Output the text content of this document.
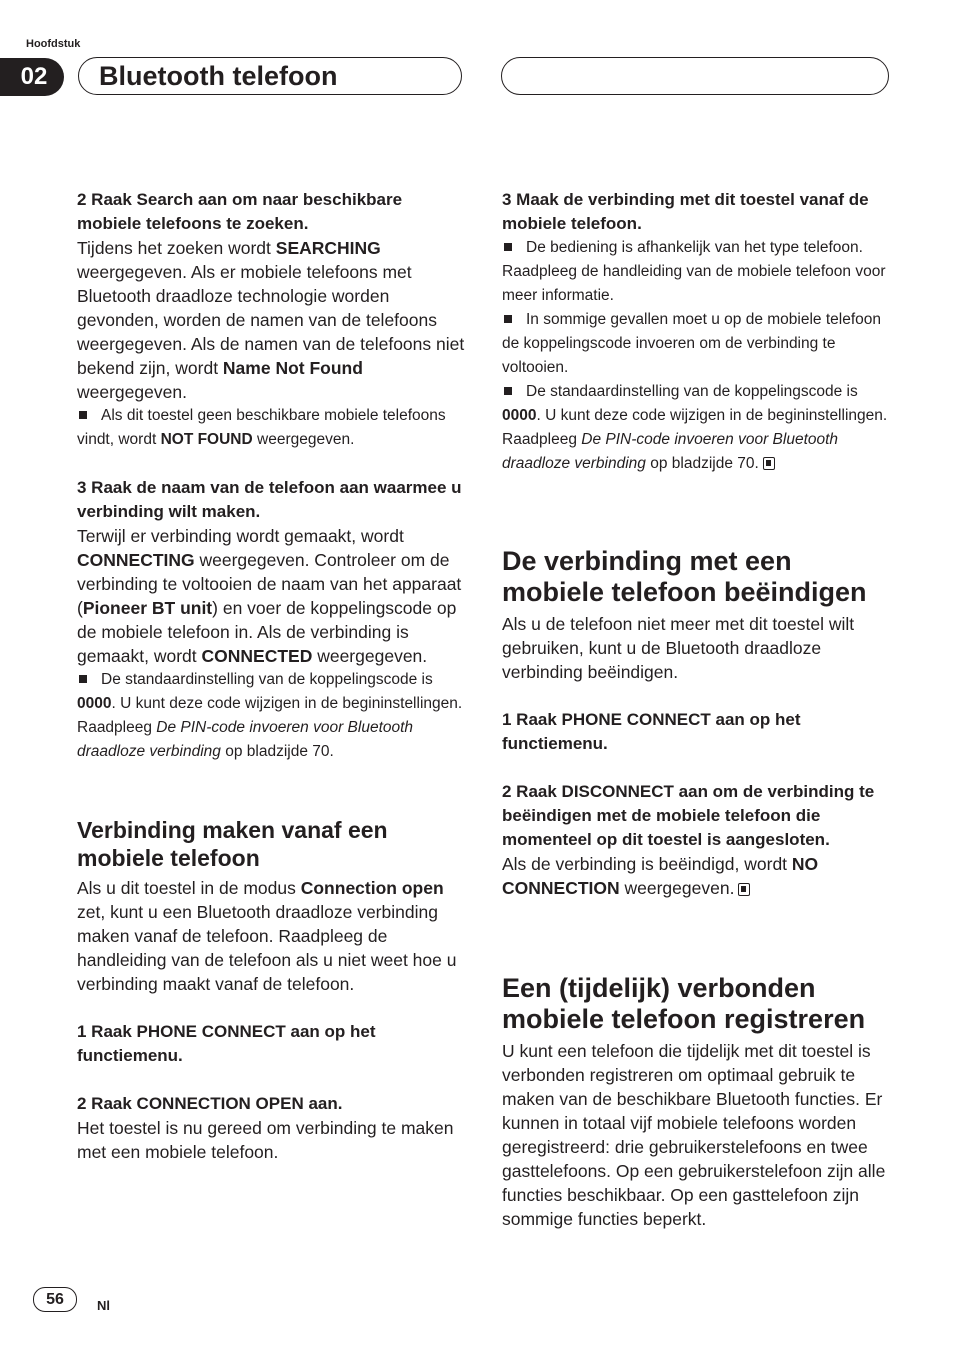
Hoofdstuk
02	Bluetooth telefoon

2 Raak Search aan om naar beschikbare mobiele telefoons te zoeken.

Tijdens het zoeken wordt SEARCHING weergegeven. Als er mobiele telefoons met Bluetooth draadloze technologie worden gevonden, worden de namen van de telefoons weergegeven. Als de namen van de telefoons niet bekend zijn, wordt Name Not Found weergegeven.

Als dit toestel geen beschikbare mobiele telefoons vindt, wordt NOT FOUND weergegeven.

3 Raak de naam van de telefoon aan waarmee u verbinding wilt maken.

Terwijl er verbinding wordt gemaakt, wordt CONNECTING weergegeven. Controleer om de verbinding te voltooien de naam van het apparaat (Pioneer BT unit) en voer de koppelingscode op de mobiele telefoon in. Als de verbinding is gemaakt, wordt CONNECTED weergegeven.

De standaardinstelling van de koppelingscode is 0000. U kunt deze code wijzigen in de begininstellingen. Raadpleeg De PIN-code invoeren voor Bluetooth draadloze verbinding op bladzijde 70.

Verbinding maken vanaf een mobiele telefoon

Als u dit toestel in de modus Connection open zet, kunt u een Bluetooth draadloze verbinding maken vanaf de telefoon. Raadpleeg de handleiding van de telefoon als u niet weet hoe u verbinding maakt vanaf de telefoon.

1 Raak PHONE CONNECT aan op het functiemenu.

2 Raak CONNECTION OPEN aan.

Het toestel is nu gereed om verbinding te maken met een mobiele telefoon.

3 Maak de verbinding met dit toestel vanaf de mobiele telefoon.

De bediening is afhankelijk van het type telefoon. Raadpleeg de handleiding van de mobiele telefoon voor meer informatie.

In sommige gevallen moet u op de mobiele telefoon de koppelingscode invoeren om de verbinding te voltooien.

De standaardinstelling van de koppelingscode is 0000. U kunt deze code wijzigen in de begininstellingen. Raadpleeg De PIN-code invoeren voor Bluetooth draadloze verbinding op bladzijde 70.

De verbinding met een mobiele telefoon beëindigen

Als u de telefoon niet meer met dit toestel wilt gebruiken, kunt u de Bluetooth draadloze verbinding beëindigen.

1 Raak PHONE CONNECT aan op het functiemenu.

2 Raak DISCONNECT aan om de verbinding te beëindigen met de mobiele telefoon die momenteel op dit toestel is aangesloten.

Als de verbinding is beëindigd, wordt NO CONNECTION weergegeven.

Een (tijdelijk) verbonden mobiele telefoon registreren

U kunt een telefoon die tijdelijk met dit toestel is verbonden registreren om optimaal gebruik te maken van de beschikbare Bluetooth functies. Er kunnen in totaal vijf mobiele telefoons worden geregistreerd: drie gebruikerstelefoons en twee gasttelefoons. Op een gebruikerstelefoon zijn alle functies beschikbaar. Op een gasttelefoon zijn sommige functies beperkt.

56	Nl
